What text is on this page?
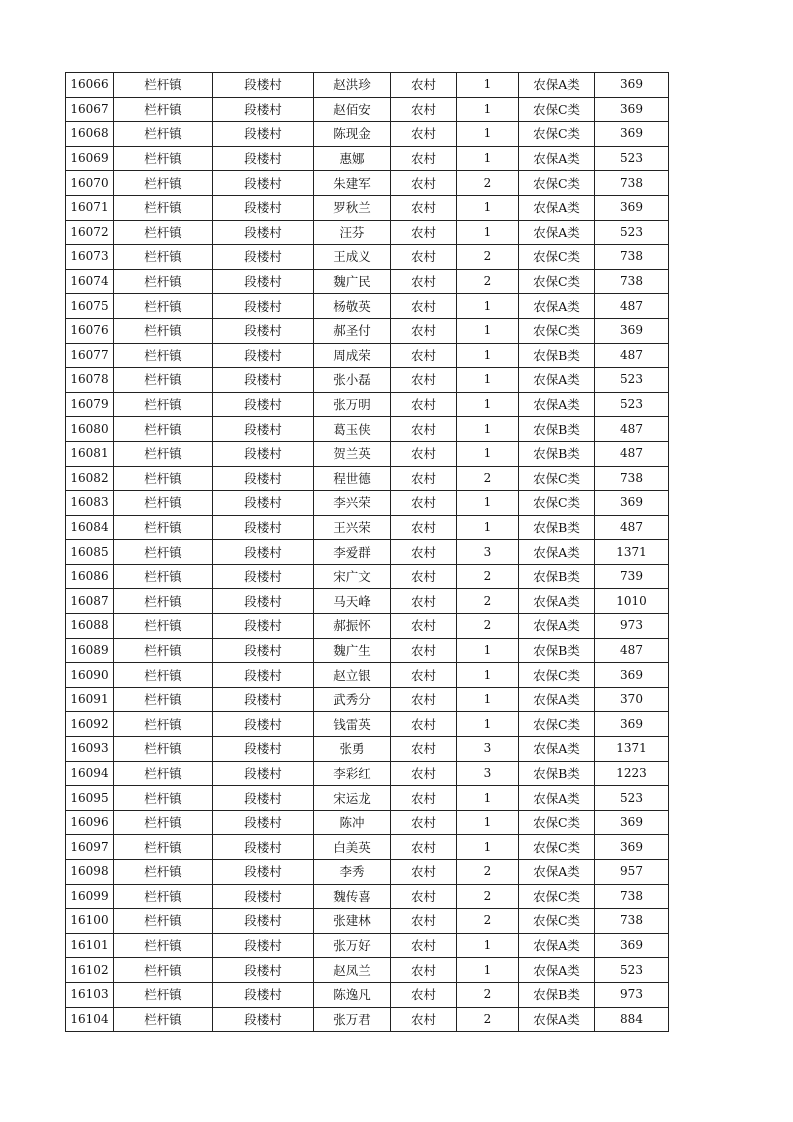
16066	栏杆镇	段楼村	赵洪珍	农村	1	农保A类	369
16067	栏杆镇	段楼村	赵佰安	农村	1	农保C类	369
16068	栏杆镇	段楼村	陈现金	农村	1	农保C类	369
16069	栏杆镇	段楼村	惠娜	农村	1	农保A类	523
16070	栏杆镇	段楼村	朱建军	农村	2	农保C类	738
16071	栏杆镇	段楼村	罗秋兰	农村	1	农保A类	369
16072	栏杆镇	段楼村	汪芬	农村	1	农保A类	523
16073	栏杆镇	段楼村	王成义	农村	2	农保C类	738
16074	栏杆镇	段楼村	魏广民	农村	2	农保C类	738
16075	栏杆镇	段楼村	杨敬英	农村	1	农保A类	487
16076	栏杆镇	段楼村	郝圣付	农村	1	农保C类	369
16077	栏杆镇	段楼村	周成荣	农村	1	农保B类	487
16078	栏杆镇	段楼村	张小磊	农村	1	农保A类	523
16079	栏杆镇	段楼村	张万明	农村	1	农保A类	523
16080	栏杆镇	段楼村	葛玉侠	农村	1	农保B类	487
16081	栏杆镇	段楼村	贺兰英	农村	1	农保B类	487
16082	栏杆镇	段楼村	程世德	农村	2	农保C类	738
16083	栏杆镇	段楼村	李兴荣	农村	1	农保C类	369
16084	栏杆镇	段楼村	王兴荣	农村	1	农保B类	487
16085	栏杆镇	段楼村	李爱群	农村	3	农保A类	1371
16086	栏杆镇	段楼村	宋广文	农村	2	农保B类	739
16087	栏杆镇	段楼村	马天峰	农村	2	农保A类	1010
16088	栏杆镇	段楼村	郝振怀	农村	2	农保A类	973
16089	栏杆镇	段楼村	魏广生	农村	1	农保B类	487
16090	栏杆镇	段楼村	赵立银	农村	1	农保C类	369
16091	栏杆镇	段楼村	武秀分	农村	1	农保A类	370
16092	栏杆镇	段楼村	钱雷英	农村	1	农保C类	369
16093	栏杆镇	段楼村	张勇	农村	3	农保A类	1371
16094	栏杆镇	段楼村	李彩红	农村	3	农保B类	1223
16095	栏杆镇	段楼村	宋运龙	农村	1	农保A类	523
16096	栏杆镇	段楼村	陈冲	农村	1	农保C类	369
16097	栏杆镇	段楼村	白美英	农村	1	农保C类	369
16098	栏杆镇	段楼村	李秀	农村	2	农保A类	957
16099	栏杆镇	段楼村	魏传喜	农村	2	农保C类	738
16100	栏杆镇	段楼村	张建林	农村	2	农保C类	738
16101	栏杆镇	段楼村	张万好	农村	1	农保A类	369
16102	栏杆镇	段楼村	赵凤兰	农村	1	农保A类	523
16103	栏杆镇	段楼村	陈逸凡	农村	2	农保B类	973
16104	栏杆镇	段楼村	张万君	农村	2	农保A类	884
